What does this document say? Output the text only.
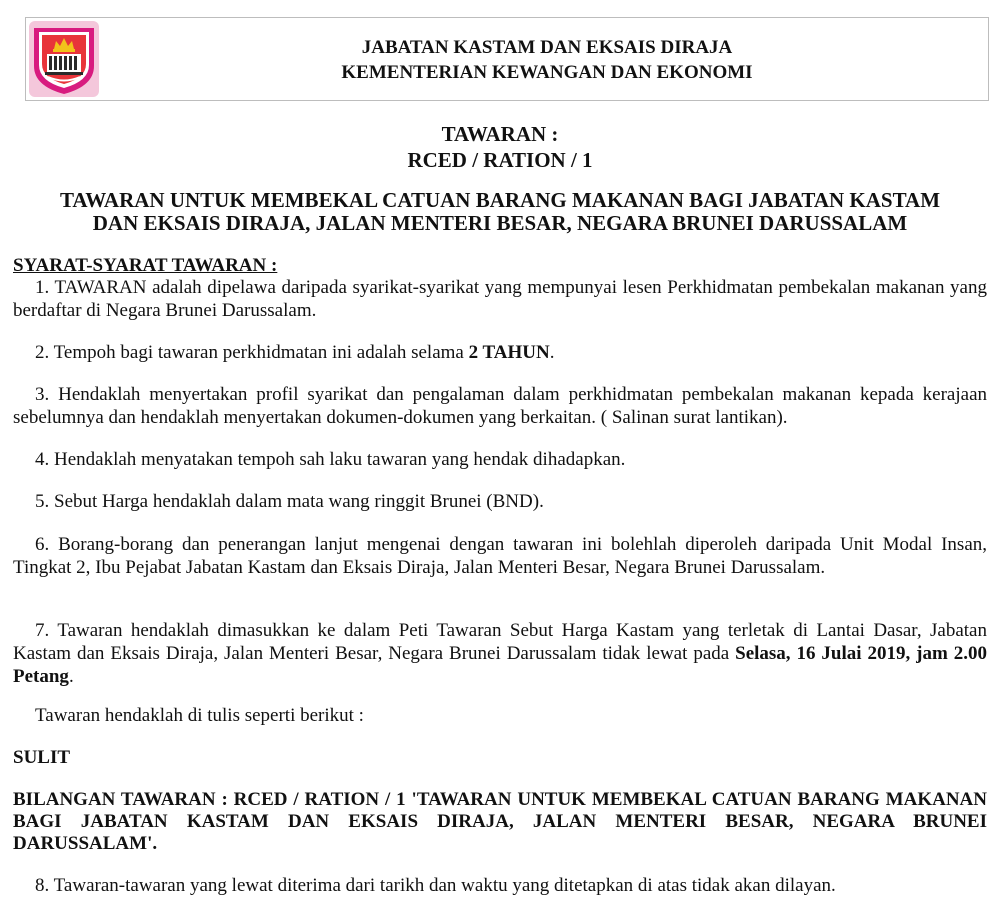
JABATAN KASTAM DAN EKSAIS DIRAJA
KEMENTERIAN KEWANGAN DAN EKONOMI
TAWARAN :
RCED / RATION / 1
TAWARAN UNTUK MEMBEKAL CATUAN BARANG MAKANAN BAGI JABATAN KASTAM
DAN EKSAIS DIRAJA, JALAN MENTERI BESAR, NEGARA BRUNEI DARUSSALAM
SYARAT-SYARAT TAWARAN :
1. TAWARAN adalah dipelawa daripada syarikat-syarikat yang mempunyai lesen Perkhidmatan pembekalan makanan yang berdaftar di Negara Brunei Darussalam.
2. Tempoh bagi tawaran perkhidmatan ini adalah selama 2 TAHUN.
3. Hendaklah menyertakan profil syarikat dan pengalaman dalam perkhidmatan pembekalan makanan kepada kerajaan sebelumnya dan hendaklah menyertakan dokumen-dokumen yang berkaitan. ( Salinan surat lantikan).
4. Hendaklah menyatakan tempoh sah laku tawaran yang hendak dihadapkan.
5. Sebut Harga hendaklah dalam mata wang ringgit Brunei (BND).
6. Borang-borang dan penerangan lanjut mengenai dengan tawaran ini bolehlah diperoleh daripada Unit Modal Insan, Tingkat 2, Ibu Pejabat Jabatan Kastam dan Eksais Diraja, Jalan Menteri Besar, Negara Brunei Darussalam.
7. Tawaran hendaklah dimasukkan ke dalam Peti Tawaran Sebut Harga Kastam yang terletak di Lantai Dasar, Jabatan Kastam dan Eksais Diraja, Jalan Menteri Besar, Negara Brunei Darussalam tidak lewat pada Selasa, 16 Julai 2019, jam 2.00 Petang.
Tawaran hendaklah di tulis seperti berikut :
SULIT
BILANGAN TAWARAN : RCED / RATION / 1 'TAWARAN UNTUK MEMBEKAL CATUAN BARANG MAKANAN BAGI JABATAN KASTAM DAN EKSAIS DIRAJA, JALAN MENTERI BESAR, NEGARA BRUNEI DARUSSALAM'.
8. Tawaran-tawaran yang lewat diterima dari tarikh dan waktu yang ditetapkan di atas tidak akan dilayan.
